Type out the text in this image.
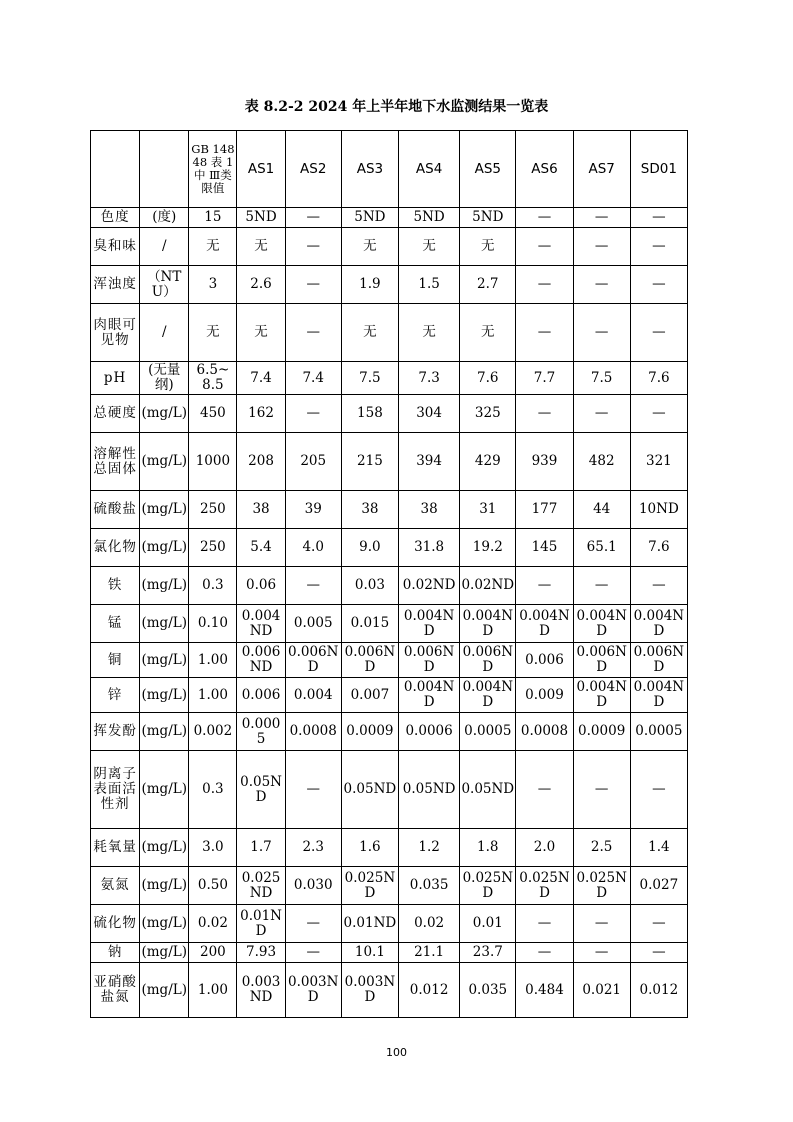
表 8.2-2 2024 年上半年地下水监测结果一览表
		GB 14848 表 1 中 Ⅲ类 限值	AS1	AS2	AS3	AS4	AS5	AS6	AS7	SD01
色度	(度)	15	5ND	—	5ND	5ND	5ND	—	—	—
臭和味	/	无	无	—	无	无	无	—	—	—
浑浊度	（NTU）	3	2.6	—	1.9	1.5	2.7	—	—	—
肉眼可见物	/	无	无	—	无	无	无	—	—	—
pH	(无量纲)	6.5~8.5	7.4	7.4	7.5	7.3	7.6	7.7	7.5	7.6
总硬度	(mg/L)	450	162	—	158	304	325	—	—	—
溶解性总固体	(mg/L)	1000	208	205	215	394	429	939	482	321
硫酸盐	(mg/L)	250	38	39	38	38	31	177	44	10ND
氯化物	(mg/L)	250	5.4	4.0	9.0	31.8	19.2	145	65.1	7.6
铁	(mg/L)	0.3	0.06	—	0.03	0.02ND	0.02ND	—	—	—
锰	(mg/L)	0.10	0.004ND	0.005	0.015	0.004ND	0.004ND	0.004ND	0.004ND	0.004ND
铜	(mg/L)	1.00	0.006ND	0.006ND	0.006ND	0.006ND	0.006ND	0.006	0.006ND	0.006ND
锌	(mg/L)	1.00	0.006	0.004	0.007	0.004ND	0.004ND	0.009	0.004ND	0.004ND
挥发酚	(mg/L)	0.002	0.0005	0.0008	0.0009	0.0006	0.0005	0.0008	0.0009	0.0005
阴离子表面活性剂	(mg/L)	0.3	0.05ND	—	0.05ND	0.05ND	0.05ND	—	—	—
耗氧量	(mg/L)	3.0	1.7	2.3	1.6	1.2	1.8	2.0	2.5	1.4
氨氮	(mg/L)	0.50	0.025ND	0.030	0.025ND	0.035	0.025ND	0.025ND	0.025ND	0.027
硫化物	(mg/L)	0.02	0.01ND	—	0.01ND	0.02	0.01	—	—	—
钠	(mg/L)	200	7.93	—	10.1	21.1	23.7	—	—	—
亚硝酸盐氮	(mg/L)	1.00	0.003ND	0.003ND	0.003ND	0.012	0.035	0.484	0.021	0.012
100
